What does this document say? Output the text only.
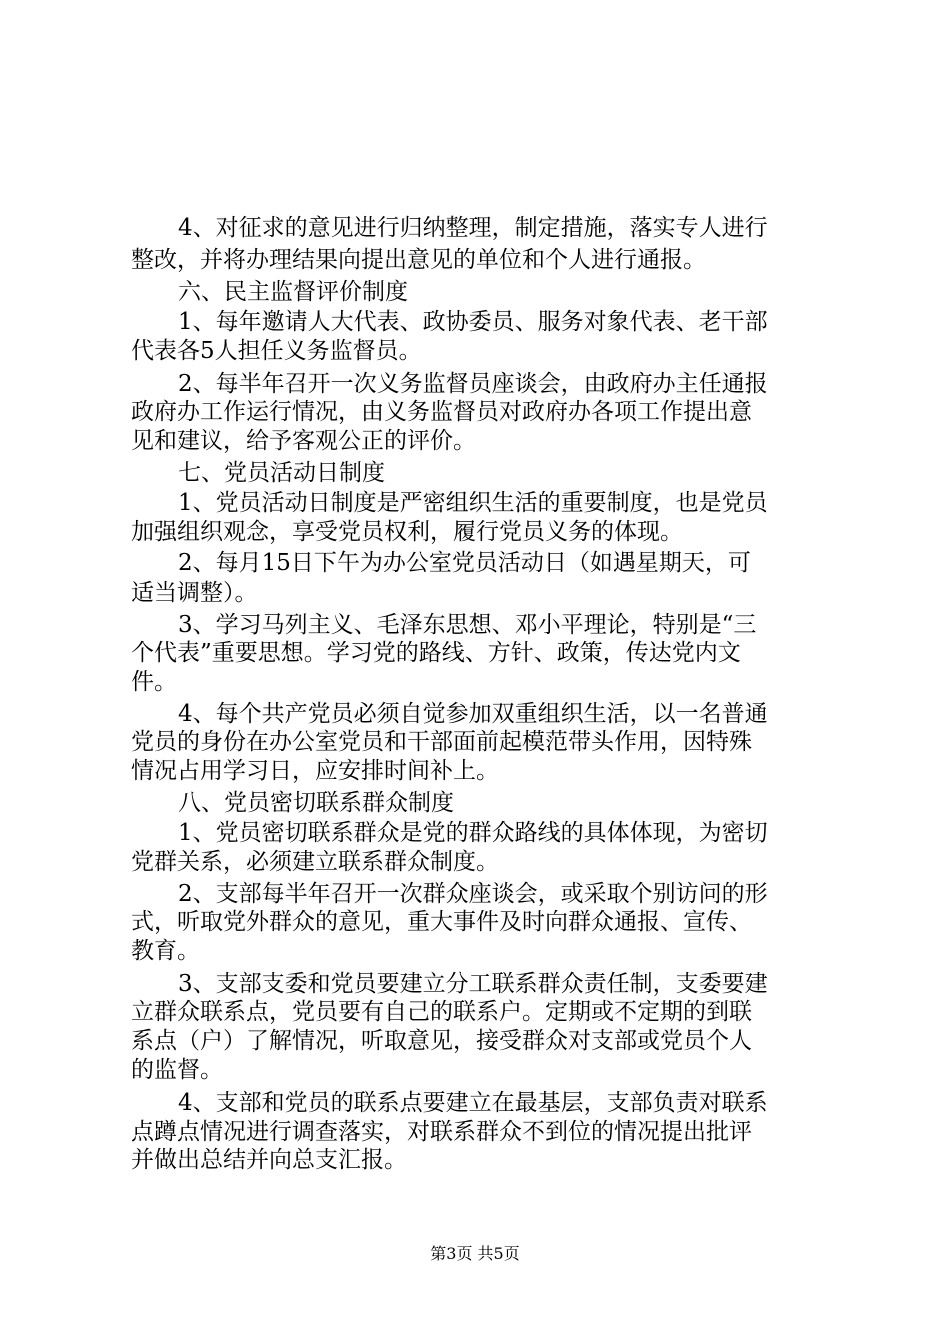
4、对征求的意见进行归纳整理，制定措施，落实专人进行

整改，并将办理结果向提出意见的单位和个人进行通报。

六、民主监督评价制度

1、每年邀请人大代表、政协委员、服务对象代表、老干部

代表各5人担任义务监督员。

2、每半年召开一次义务监督员座谈会，由政府办主任通报

政府办工作运行情况，由义务监督员对政府办各项工作提出意

见和建议，给予客观公正的评价。

七、党员活动日制度

1、党员活动日制度是严密组织生活的重要制度，也是党员

加强组织观念，享受党员权利，履行党员义务的体现。

2、每月15日下午为办公室党员活动日（如遇星期天，可

适当调整）。

3、学习马列主义、毛泽东思想、邓小平理论，特别是“三

个代表”重要思想。学习党的路线、方针、政策，传达党内文

件。

4、每个共产党员必须自觉参加双重组织生活，以一名普通

党员的身份在办公室党员和干部面前起模范带头作用，因特殊

情况占用学习日，应安排时间补上。

八、党员密切联系群众制度

1、党员密切联系群众是党的群众路线的具体体现，为密切

党群关系，必须建立联系群众制度。

2、支部每半年召开一次群众座谈会，或采取个别访问的形

式，听取党外群众的意见，重大事件及时向群众通报、宣传、

教育。

3、支部支委和党员要建立分工联系群众责任制，支委要建

立群众联系点，党员要有自己的联系户。定期或不定期的到联

系点（户）了解情况，听取意见，接受群众对支部或党员个人

的监督。

4、支部和党员的联系点要建立在最基层，支部负责对联系

点蹲点情况进行调查落实，对联系群众不到位的情况提出批评

并做出总结并向总支汇报。

第3页 共5页
